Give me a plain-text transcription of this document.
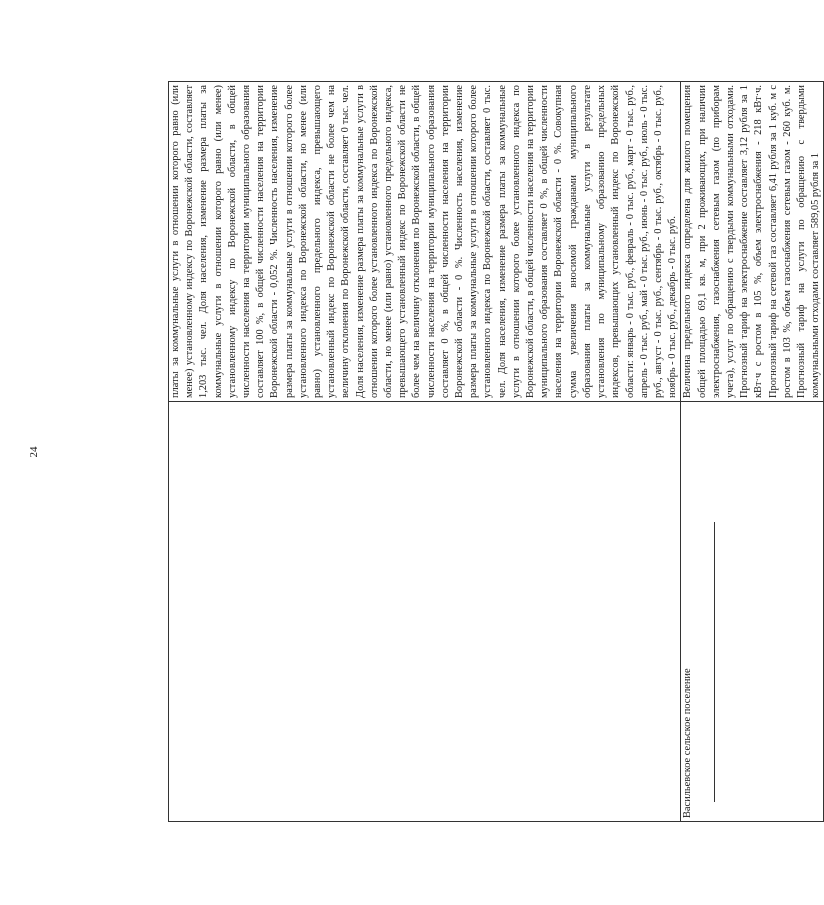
24
	платы за коммунальные услуги в отношении которого равно (или менее) установленному индексу по Воронежской области, составляет 1,203 тыс. чел. Доля населения, изменение размера платы за коммунальные услуги в отношении которого равно (или менее) установленному индексу по Воронежской области, в общей численности населения на территории муниципального образования составляет 100 %, в общей численности населения на территории Воронежской области - 0,052 %. Численность населения, изменение размера платы за коммунальные услуги в отношении которого более установленного индекса по Воронежской области, но менее (или равно) установленного предельного индекса, превышающего установленный индекс по Воронежской области не более чем на величину отклонения по Воронежской области, составляет 0 тыс. чел. Доля населения, изменение размера платы за коммунальные услуги в отношении которого более установленного индекса по Воронежской области, но менее (или равно) установленного предельного индекса, превышающего установленный индекс по Воронежской области не более чем на величину отклонения по Воронежской области, в общей численности населения на территории муниципального образования составляет 0 %, в общей численности населения на территории Воронежской области - 0 %. Численность населения, изменение размера платы за коммунальные услуги в отношении которого более установленного индекса по Воронежской области, составляет 0 тыс. чел. Доля населения, изменение размера платы за коммунальные услуги в отношении которого более установленного индекса по Воронежской области, в общей численности населения на территории муниципального образования составляет 0 %, в общей численности населения на территории Воронежской области - 0 %. Совокупная сумма увеличения вносимой гражданами муниципального образования платы за коммунальные услуги в результате установления по муниципальному образованию предельных индексов, превышающих установленный индекс по Воронежской области: январь - 0 тыс. руб., февраль - 0 тыс. руб., март - 0 тыс. руб., апрель - 0 тыс. руб., май - 0 тыс. руб., июнь - 0 тыс. руб., июль - 0 тыс. руб., август - 0 тыс. руб., сентябрь - 0 тыс. руб., октябрь - 0 тыс. руб., ноябрь - 0 тыс. руб., декабрь - 0 тыс. руб.
Васильевское сельское поселение	Величина предельного индекса определена для жилого помещения общей площадью 69,1 кв. м, при 2 проживающих, при наличии электроснабжения, газоснабжения сетевым газом (по приборам учета), услуг по обращению с твердыми коммунальными отходами. Прогнозный тариф на электроснабжение составляет 3,12 рубля за 1 кВт·ч с ростом в 105 %, объем электроснабжения - 218 кВт·ч. Прогнозный тариф на сетевой газ составляет 6,41 рубля за 1 куб. м с ростом в 103 %, объем газоснабжения сетевым газом - 260 куб. м. Прогнозный тариф на услуги по обращению с твердыми коммунальными отходами составляет 589,05 рубля за 1
